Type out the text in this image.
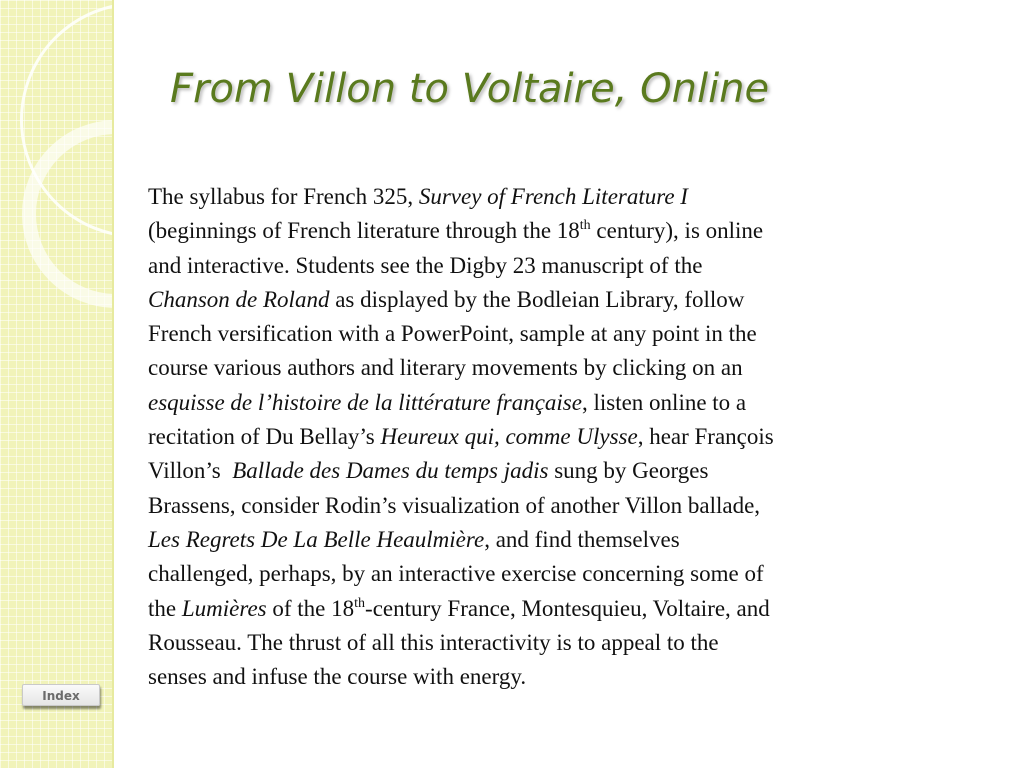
From Villon to Voltaire, Online
The syllabus for French 325, Survey of French Literature I
(beginnings of French literature through the 18th century), is online
and interactive. Students see the Digby 23 manuscript of the
Chanson de Roland as displayed by the Bodleian Library, follow
French versification with a PowerPoint, sample at any point in the
course various authors and literary movements by clicking on an
esquisse de l’histoire de la littérature française, listen online to a
recitation of Du Bellay’s Heureux qui, comme Ulysse, hear François
Villon’s  Ballade des Dames du temps jadis sung by Georges
Brassens, consider Rodin’s visualization of another Villon ballade,
Les Regrets De La Belle Heaulmière, and find themselves
challenged, perhaps, by an interactive exercise concerning some of
the Lumières of the 18th-century France, Montesquieu, Voltaire, and
Rousseau. The thrust of all this interactivity is to appeal to the
senses and infuse the course with energy.
Index
